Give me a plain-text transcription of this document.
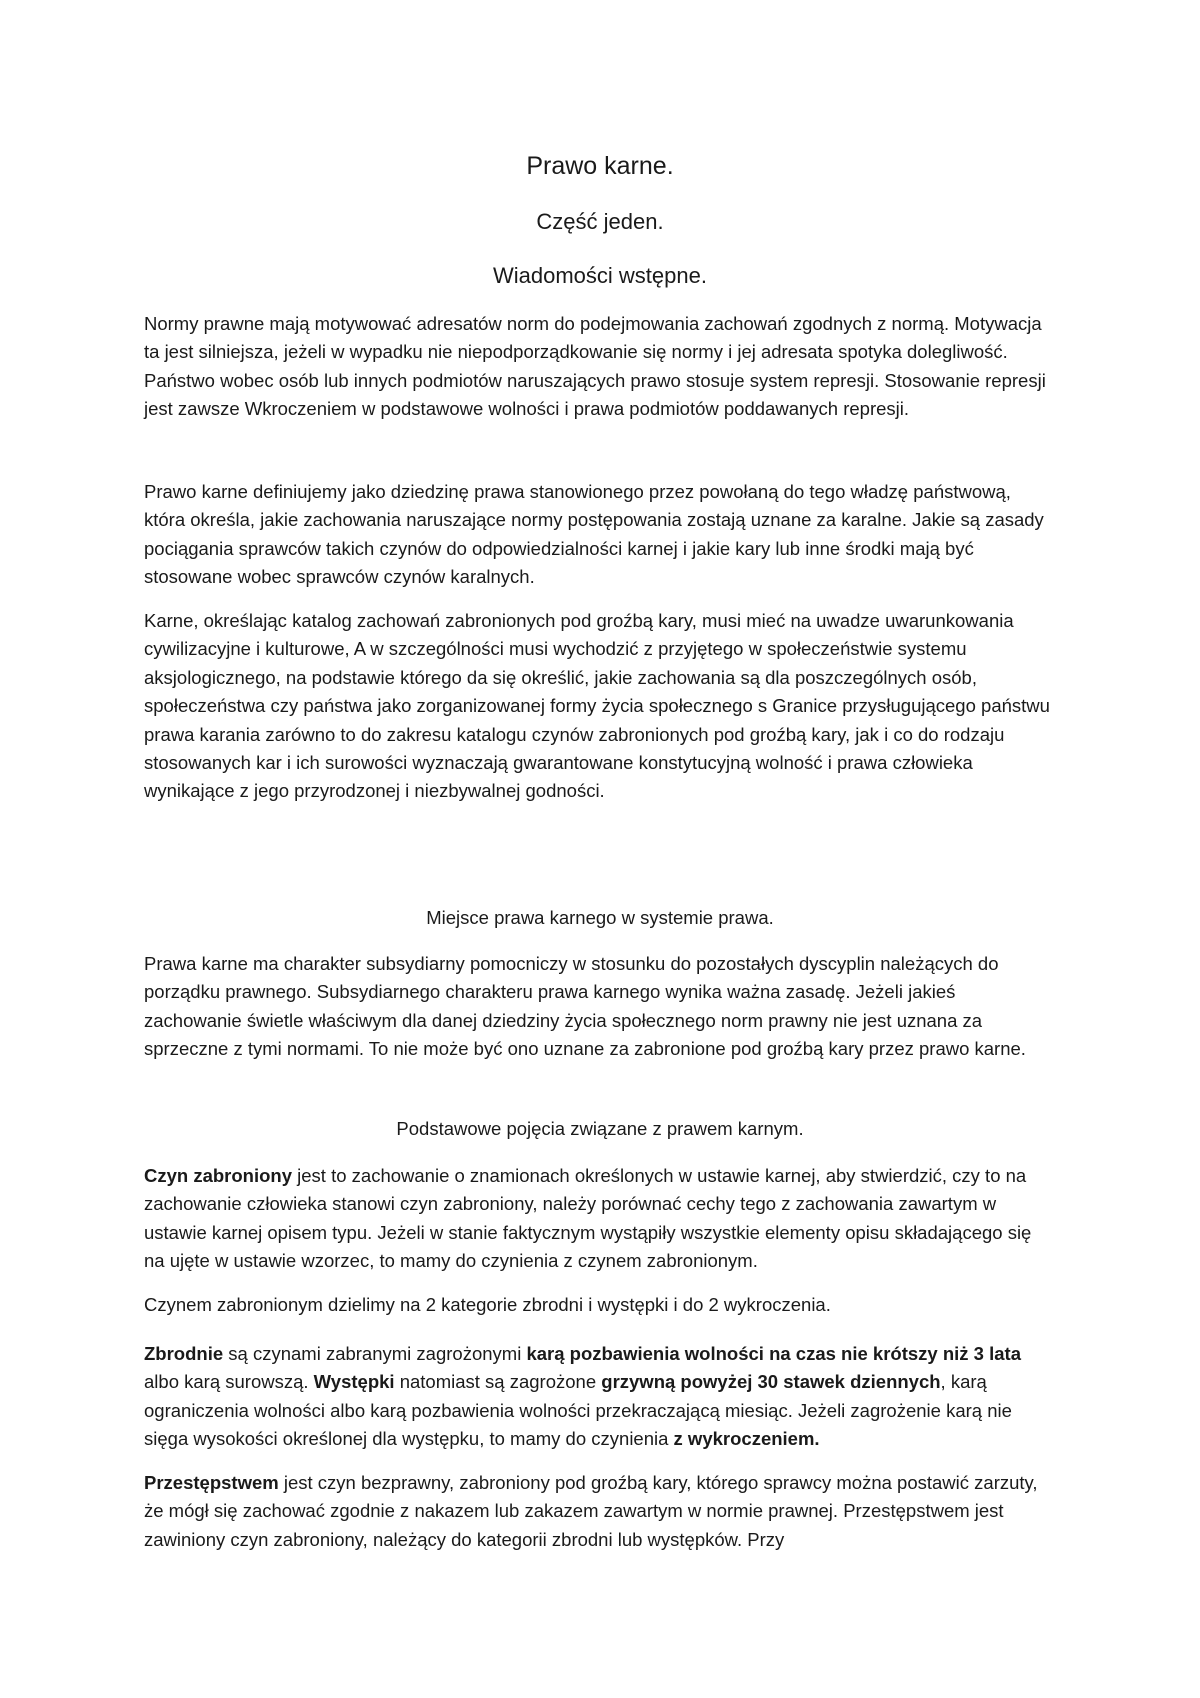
Prawo karne.
Część jeden.
Wiadomości wstępne.

Normy prawne mają motywować adresatów norm do podejmowania zachowań zgodnych z normą. Motywacja ta jest silniejsza, jeżeli w wypadku nie niepodporządkowanie się normy i jej adresata spotyka dolegliwość. Państwo wobec osób lub innych podmiotów naruszających prawo stosuje system represji. Stosowanie represji jest zawsze Wkroczeniem w podstawowe wolności i prawa podmiotów poddawanych represji.

Prawo karne definiujemy jako dziedzinę prawa stanowionego przez powołaną do tego władzę państwową, która określa, jakie zachowania naruszające normy postępowania zostają uznane za karalne. Jakie są zasady pociągania sprawców takich czynów do odpowiedzialności karnej i jakie kary lub inne środki mają być stosowane wobec sprawców czynów karalnych.

Karne, określając katalog zachowań zabronionych pod groźbą kary, musi mieć na uwadze uwarunkowania cywilizacyjne i kulturowe, A w szczególności musi wychodzić z przyjętego w społeczeństwie systemu aksjologicznego, na podstawie którego da się określić, jakie zachowania są dla poszczególnych osób, społeczeństwa czy państwa jako zorganizowanej formy życia społecznego s Granice przysługującego państwu prawa karania zarówno to do zakresu katalogu czynów zabronionych pod groźbą kary, jak i co do rodzaju stosowanych kar i ich surowości wyznaczają gwarantowane konstytucyjną wolność i prawa człowieka wynikające z jego przyrodzonej i niezbywalnej godności.

Miejsce prawa karnego w systemie prawa.

Prawa karne ma charakter subsydiarny pomocniczy w stosunku do pozostałych dyscyplin należących do porządku prawnego. Subsydiarnego charakteru prawa karnego wynika ważna zasadę. Jeżeli jakieś zachowanie świetle właściwym dla danej dziedziny życia społecznego norm prawny nie jest uznana za sprzeczne z tymi normami. To nie może być ono uznane za zabronione pod groźbą kary przez prawo karne.

Podstawowe pojęcia związane z prawem karnym.

Czyn zabroniony jest to zachowanie o znamionach określonych w ustawie karnej, aby stwierdzić, czy to na zachowanie człowieka stanowi czyn zabroniony, należy porównać cechy tego z zachowania zawartym w ustawie karnej opisem typu. Jeżeli w stanie faktycznym wystąpiły wszystkie elementy opisu składającego się na ujęte w ustawie wzorzec, to mamy do czynienia z czynem zabronionym.

Czynem zabronionym dzielimy na 2 kategorie zbrodni i występki i do 2 wykroczenia.

Zbrodnie są czynami zabranymi zagrożonymi karą pozbawienia wolności na czas nie krótszy niż 3 lata albo karą surowszą. Występki natomiast są zagrożone grzywną powyżej 30 stawek dziennych, karą ograniczenia wolności albo karą pozbawienia wolności przekraczającą miesiąc. Jeżeli zagrożenie karą nie sięga wysokości określonej dla występku, to mamy do czynienia z wykroczeniem.

Przestępstwem jest czyn bezprawny, zabroniony pod groźbą kary, którego sprawcy można postawić zarzuty, że mógł się zachować zgodnie z nakazem lub zakazem zawartym w normie prawnej. Przestępstwem jest zawiniony czyn zabroniony, należący do kategorii zbrodni lub występków. Przy
